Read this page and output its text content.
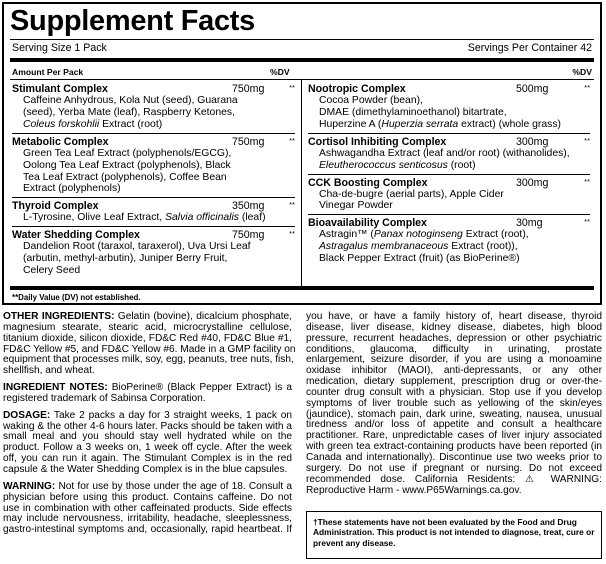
Supplement Facts
Serving Size 1 Pack	Servings Per Container 42
Amount Per Pack	%DV	%DV
Stimulant Complex	750mg	**
Caffeine Anhydrous, Kola Nut (seed), Guarana
(seed), Yerba Mate (leaf), Raspberry Ketones,
Coleus forskohlii Extract (root)
Metabolic Complex	750mg	**
Green Tea Leaf Extract (polyphenols/EGCG),
Oolong Tea Leaf Extract (polyphenols), Black
Tea Leaf Extract (polyphenols), Coffee Bean
Extract (polyphenols)
Thyroid Complex	350mg	**
L-Tyrosine, Olive Leaf Extract, Salvia officinalis (leaf)
Water Shedding Complex	750mg	**
Dandelion Root (taraxol, taraxerol), Uva Ursi Leaf
(arbutin, methyl-arbutin), Juniper Berry Fruit,
Celery Seed
Nootropic Complex	500mg	**
Cocoa Powder (bean),
DMAE (dimethylaminoethanol) bitartrate,
Huperzine A (Huperzia serrata extract) (whole grass)
Cortisol Inhibiting Complex	300mg	**
Ashwagandha Extract (leaf and/or root) (withanolides),
Eleutherococcus senticosus (root)
CCK Boosting Complex	300mg	**
Cha-de-bugre (aerial parts), Apple Cider
Vinegar Powder
Bioavailability Complex	30mg	**
Astragin™ (Panax notoginseng Extract (root),
Astragalus membranaceous Extract (root)),
Black Pepper Extract (fruit) (as BioPerine®)
**Daily Value (DV) not established.

OTHER INGREDIENTS: Gelatin (bovine), dicalcium phosphate,
magnesium stearate, stearic acid, microcrystalline cellulose,
titanium dioxide, silicon dioxide, FD&C Red #40, FD&C Blue #1,
FD&C Yellow #5, and FD&C Yellow #6. Made in a GMP facility on
equipment that processes milk, soy, egg, peanuts, tree nuts, fish,
shellfish, and wheat.

INGREDIENT NOTES: BioPerine® (Black Pepper Extract) is a
registered trademark of Sabinsa Corporation.

DOSAGE: Take 2 packs a day for 3 straight weeks, 1 pack on
waking & the other 4-6 hours later. Packs should be taken with a
small meal and you should stay well hydrated while on the
product. Follow a 3 weeks on, 1 week off cycle. After the week
off, you can run it again. The Stimulant Complex is in the red
capsule & the Water Shedding Complex is in the blue capsules.

WARNING: Not for use by those under the age of 18. Consult a
physician before using this product. Contains caffeine. Do not
use in combination with other caffeinated products. Side effects
may include nervousness, irritability, headache, sleeplessness,
gastro-intestinal symptoms and, occasionally, rapid heartbeat. If

you have, or have a family history of, heart disease, thyroid
disease, liver disease, kidney disease, diabetes, high blood
pressure, recurrent headaches, depression or other psychiatric
conditions, glaucoma, difficulty in urinating, prostate
enlargement, seizure disorder, if you are using a monoamine
oxidase inhibitor (MAOI), anti-depressants, or any other
medication, dietary supplement, prescription drug or over-the-
counter drug consult with a physician. Stop use if you develop
symptoms of liver trouble such as yellowing of the skin/eyes
(jaundice), stomach pain, dark urine, sweating, nausea, unusual
tiredness and/or loss of appetite and consult a healthcare
practitioner. Rare, unpredictable cases of liver injury associated
with green tea extract-containing products have been reported (in
Canada and internationally). Discontinue use two weeks prior to
surgery. Do not use if pregnant or nursing. Do not exceed
recommended dose. California Residents: ⚠ WARNING:
Reproductive Harm - www.P65Warnings.ca.gov.

†These statements have not been evaluated by the Food and Drug
Administration. This product is not intended to diagnose, treat, cure or
prevent any disease.
